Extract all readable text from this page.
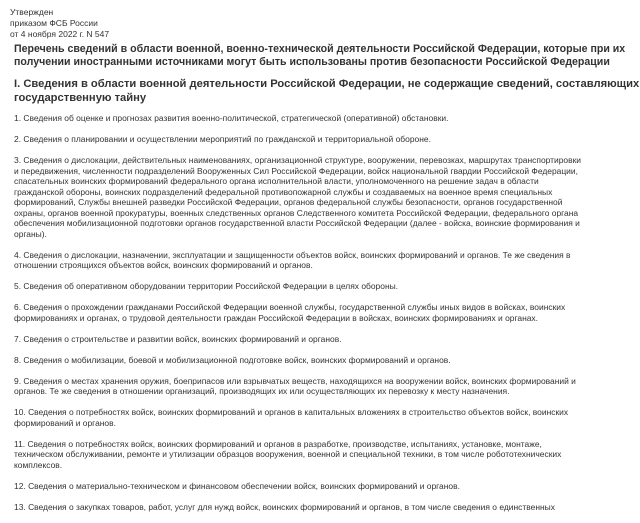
Утвержден
приказом ФСБ России
от 4 ноября 2022 г. N 547
Перечень сведений в области военной, военно-технической деятельности Российской Федерации, которые при их
получении иностранными источниками могут быть использованы против безопасности Российской Федерации
I. Сведения в области военной деятельности Российской Федерации, не содержащие сведений, составляющих
государственную тайну
1. Сведения об оценке и прогнозах развития военно-политической, стратегической (оперативной) обстановки.
2. Сведения о планировании и осуществлении мероприятий по гражданской и территориальной обороне.
3. Сведения о дислокации, действительных наименованиях, организационной структуре, вооружении, перевозках, маршрутах транспортировки
и передвижения, численности подразделений Вооруженных Сил Российской Федерации, войск национальной гвардии Российской Федерации,
спасательных воинских формирований федерального органа исполнительной власти, уполномоченного на решение задач в области
гражданской обороны, воинских подразделений федеральной противопожарной службы и создаваемых на военное время специальных
формирований, Службы внешней разведки Российской Федерации, органов федеральной службы безопасности, органов государственной
охраны, органов военной прокуратуры, военных следственных органов Следственного комитета Российской Федерации, федерального органа
обеспечения мобилизационной подготовки органов государственной власти Российской Федерации (далее - войска, воинские формирования и
органы).
4. Сведения о дислокации, назначении, эксплуатации и защищенности объектов войск, воинских формирований и органов. Те же сведения в
отношении строящихся объектов войск, воинских формирований и органов.
5. Сведения об оперативном оборудовании территории Российской Федерации в целях обороны.
6. Сведения о прохождении гражданами Российской Федерации военной службы, государственной службы иных видов в войсках, воинских
формированиях и органах, о трудовой деятельности граждан Российской Федерации в войсках, воинских формированиях и органах.
7. Сведения о строительстве и развитии войск, воинских формирований и органов.
8. Сведения о мобилизации, боевой и мобилизационной подготовке войск, воинских формирований и органов.
9. Сведения о местах хранения оружия, боеприпасов или взрывчатых веществ, находящихся на вооружении войск, воинских формирований и
органов. Те же сведения в отношении организаций, производящих их или осуществляющих их перевозку к месту назначения.
10. Сведения о потребностях войск, воинских формирований и органов в капитальных вложениях в строительство объектов войск, воинских
формирований и органов.
11. Сведения о потребностях войск, воинских формирований и органов в разработке, производстве, испытаниях, установке, монтаже,
техническом обслуживании, ремонте и утилизации образцов вооружения, военной и специальной техники, в том числе робототехнических
комплексов.
12. Сведения о материально-техническом и финансовом обеспечении войск, воинских формирований и органов.
13. Сведения о закупках товаров, работ, услуг для нужд войск, воинских формирований и органов, в том числе сведения о единственных
